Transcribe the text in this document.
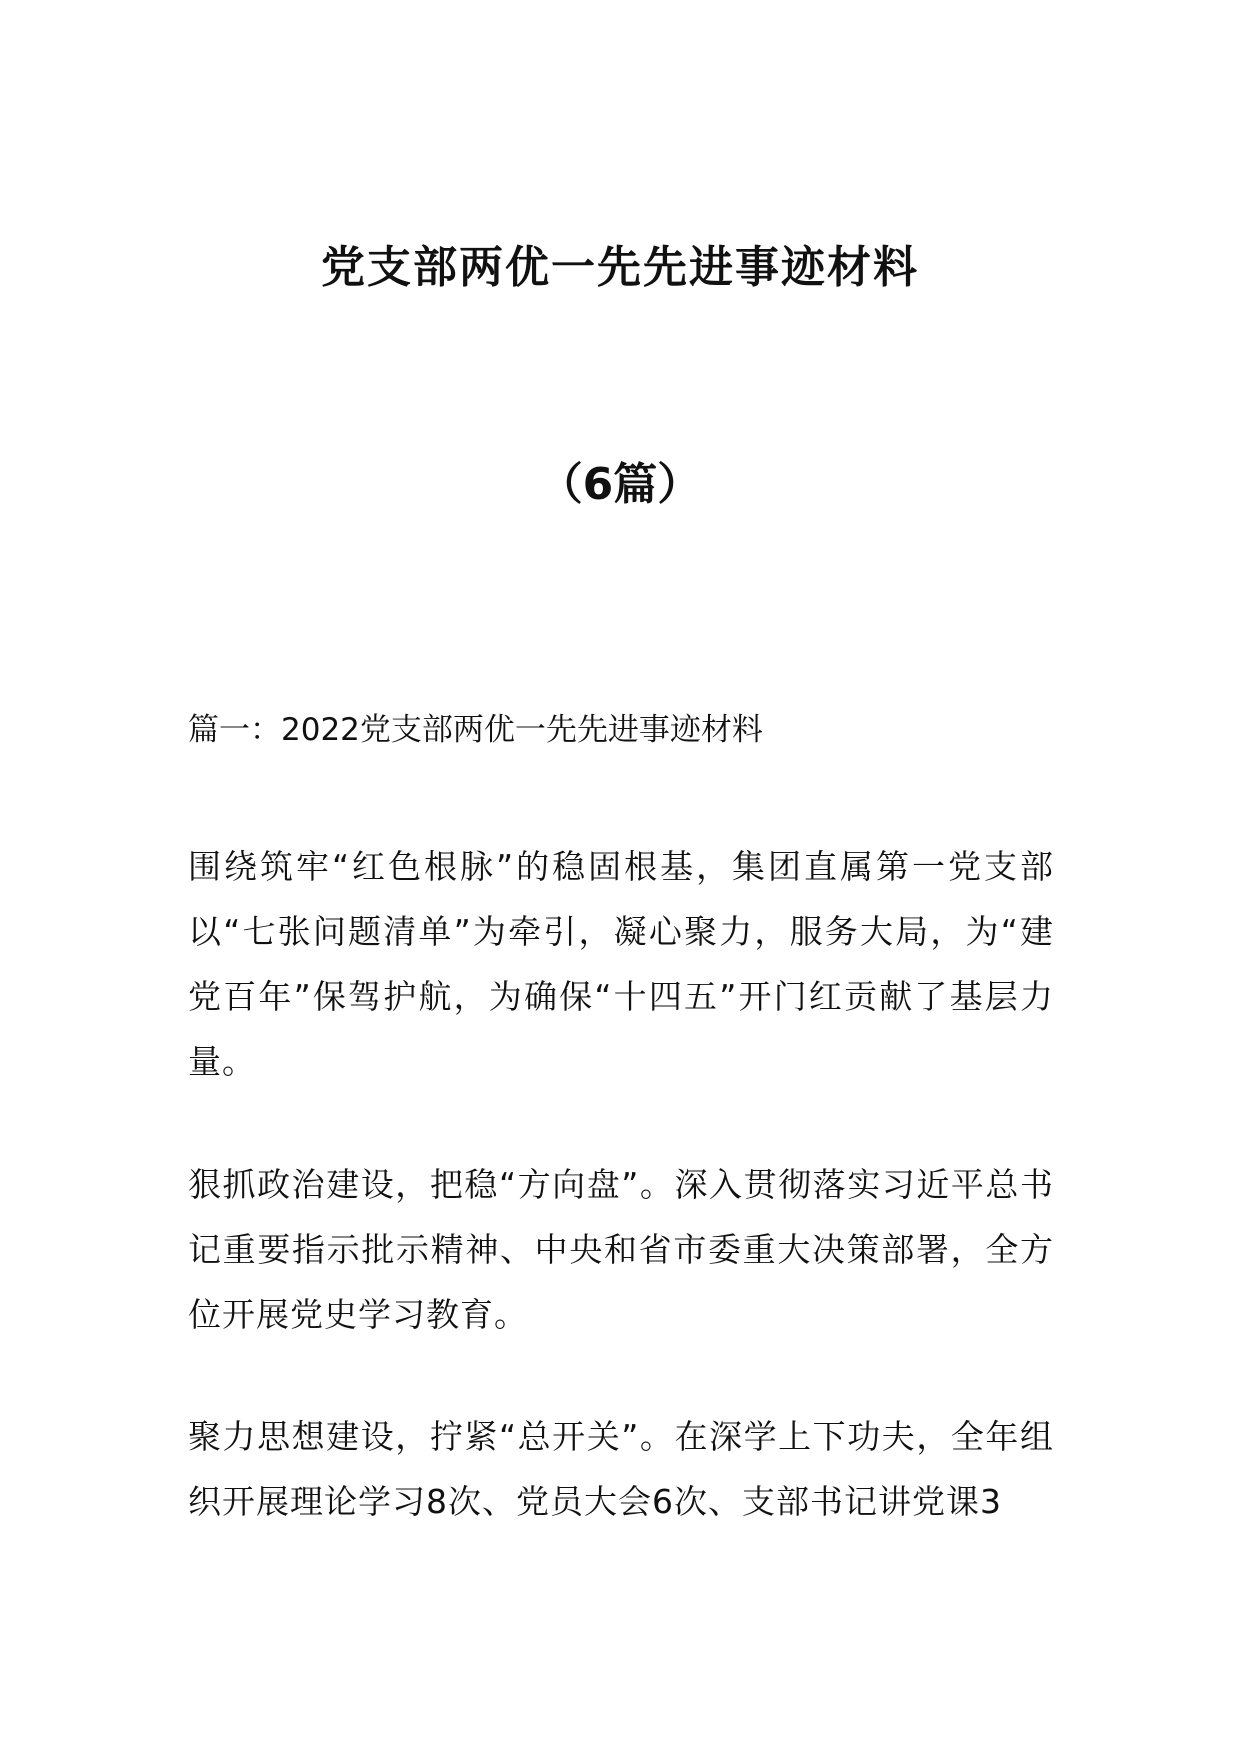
党支部两优一先先进事迹材料
（6篇）

篇一：2022党支部两优一先先进事迹材料

围绕筑牢“红色根脉”的稳固根基，集团直属第一党支部以“七张问题清单”为牵引，凝心聚力，服务大局，为“建党百年”保驾护航，为确保“十四五”开门红贡献了基层力量。

狠抓政治建设，把稳“方向盘”。深入贯彻落实习近平总书记重要指示批示精神、中央和省市委重大决策部署，全方位开展党史学习教育。

聚力思想建设，拧紧“总开关”。在深学上下功夫，全年组织开展理论学习8次、党员大会6次、支部书记讲党课3
